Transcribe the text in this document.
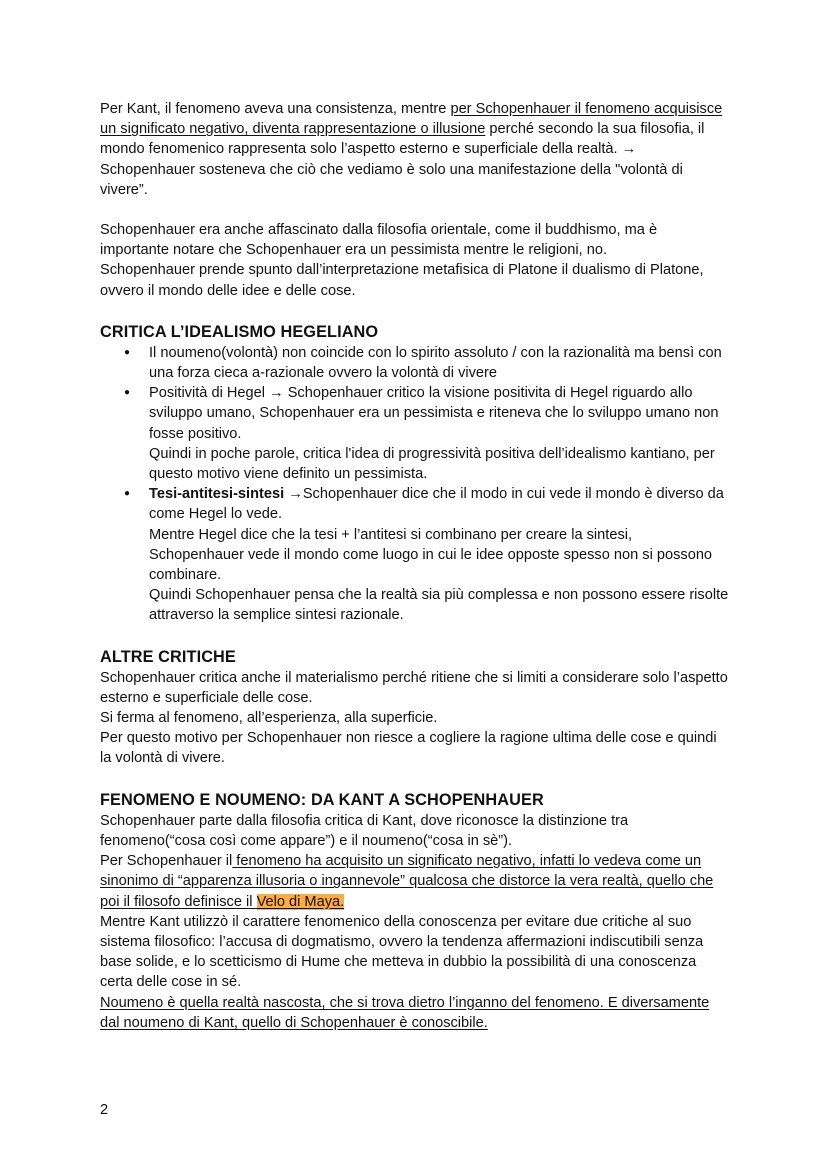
Per Kant, il fenomeno aveva una consistenza, mentre per Schopenhauer il fenomeno acquisisce un significato negativo, diventa rappresentazione o illusione perché secondo la sua filosofia, il mondo fenomenico rappresenta solo l’aspetto esterno e superficiale della realtà. → Schopenhauer sosteneva che ciò che vediamo è solo una manifestazione della "volontà di vivere”.

Schopenhauer era anche affascinato dalla filosofia orientale, come il buddhismo, ma è importante notare che Schopenhauer era un pessimista mentre le religioni, no.

Schopenhauer prende spunto dall’interpretazione metafisica di Platone il dualismo di Platone, ovvero il mondo delle idee e delle cose.

CRITICA L’IDEALISMO HEGELIANO
● Il noumeno(volontà) non coincide con lo spirito assoluto / con la razionalità ma bensì con una forza cieca a-razionale ovvero la volontà di vivere
● Positività di Hegel → Schopenhauer critico la visione positivita di Hegel riguardo allo sviluppo umano, Schopenhauer era un pessimista e riteneva che lo sviluppo umano non fosse positivo.
Quindi in poche parole, critica l'idea di progressività positiva dell’idealismo kantiano, per questo motivo viene definito un pessimista.
● Tesi-antitesi-sintesi →Schopenhauer dice che il modo in cui vede il mondo è diverso da come Hegel lo vede.
Mentre Hegel dice che la tesi + l’antitesi si combinano per creare la sintesi, Schopenhauer vede il mondo come luogo in cui le idee opposte spesso non si possono combinare.
Quindi Schopenhauer pensa che la realtà sia più complessa e non possono essere risolte attraverso la semplice sintesi razionale.
ALTRE CRITICHE

Schopenhauer critica anche il materialismo perché ritiene che si limiti a considerare solo l’aspetto esterno e superficiale delle cose.

Si ferma al fenomeno, all’esperienza, alla superficie.

Per questo motivo per Schopenhauer non riesce a cogliere la ragione ultima delle cose e quindi la volontà di vivere.

FENOMENO E NOUMENO: DA KANT A SCHOPENHAUER

Schopenhauer parte dalla filosofia critica di Kant, dove riconosce la distinzione tra fenomeno(“cosa così come appare”) e il noumeno(“cosa in sè”).

Per Schopenhauer il fenomeno ha acquisito un significato negativo, infatti lo vedeva come un sinonimo di “apparenza illusoria o ingannevole” qualcosa che distorce la vera realtà, quello che poi il filosofo definisce il Velo di Maya.

Mentre Kant utilizzò il carattere fenomenico della conoscenza per evitare due critiche al suo sistema filosofico: l’accusa di dogmatismo, ovvero la tendenza affermazioni indiscutibili senza base solide, e lo scetticismo di Hume che metteva in dubbio la possibilità di una conoscenza certa delle cose in sé.

Noumeno è quella realtà nascosta, che si trova dietro l’inganno del fenomeno. E diversamente dal noumeno di Kant, quello di Schopenhauer è conoscibile.

2
